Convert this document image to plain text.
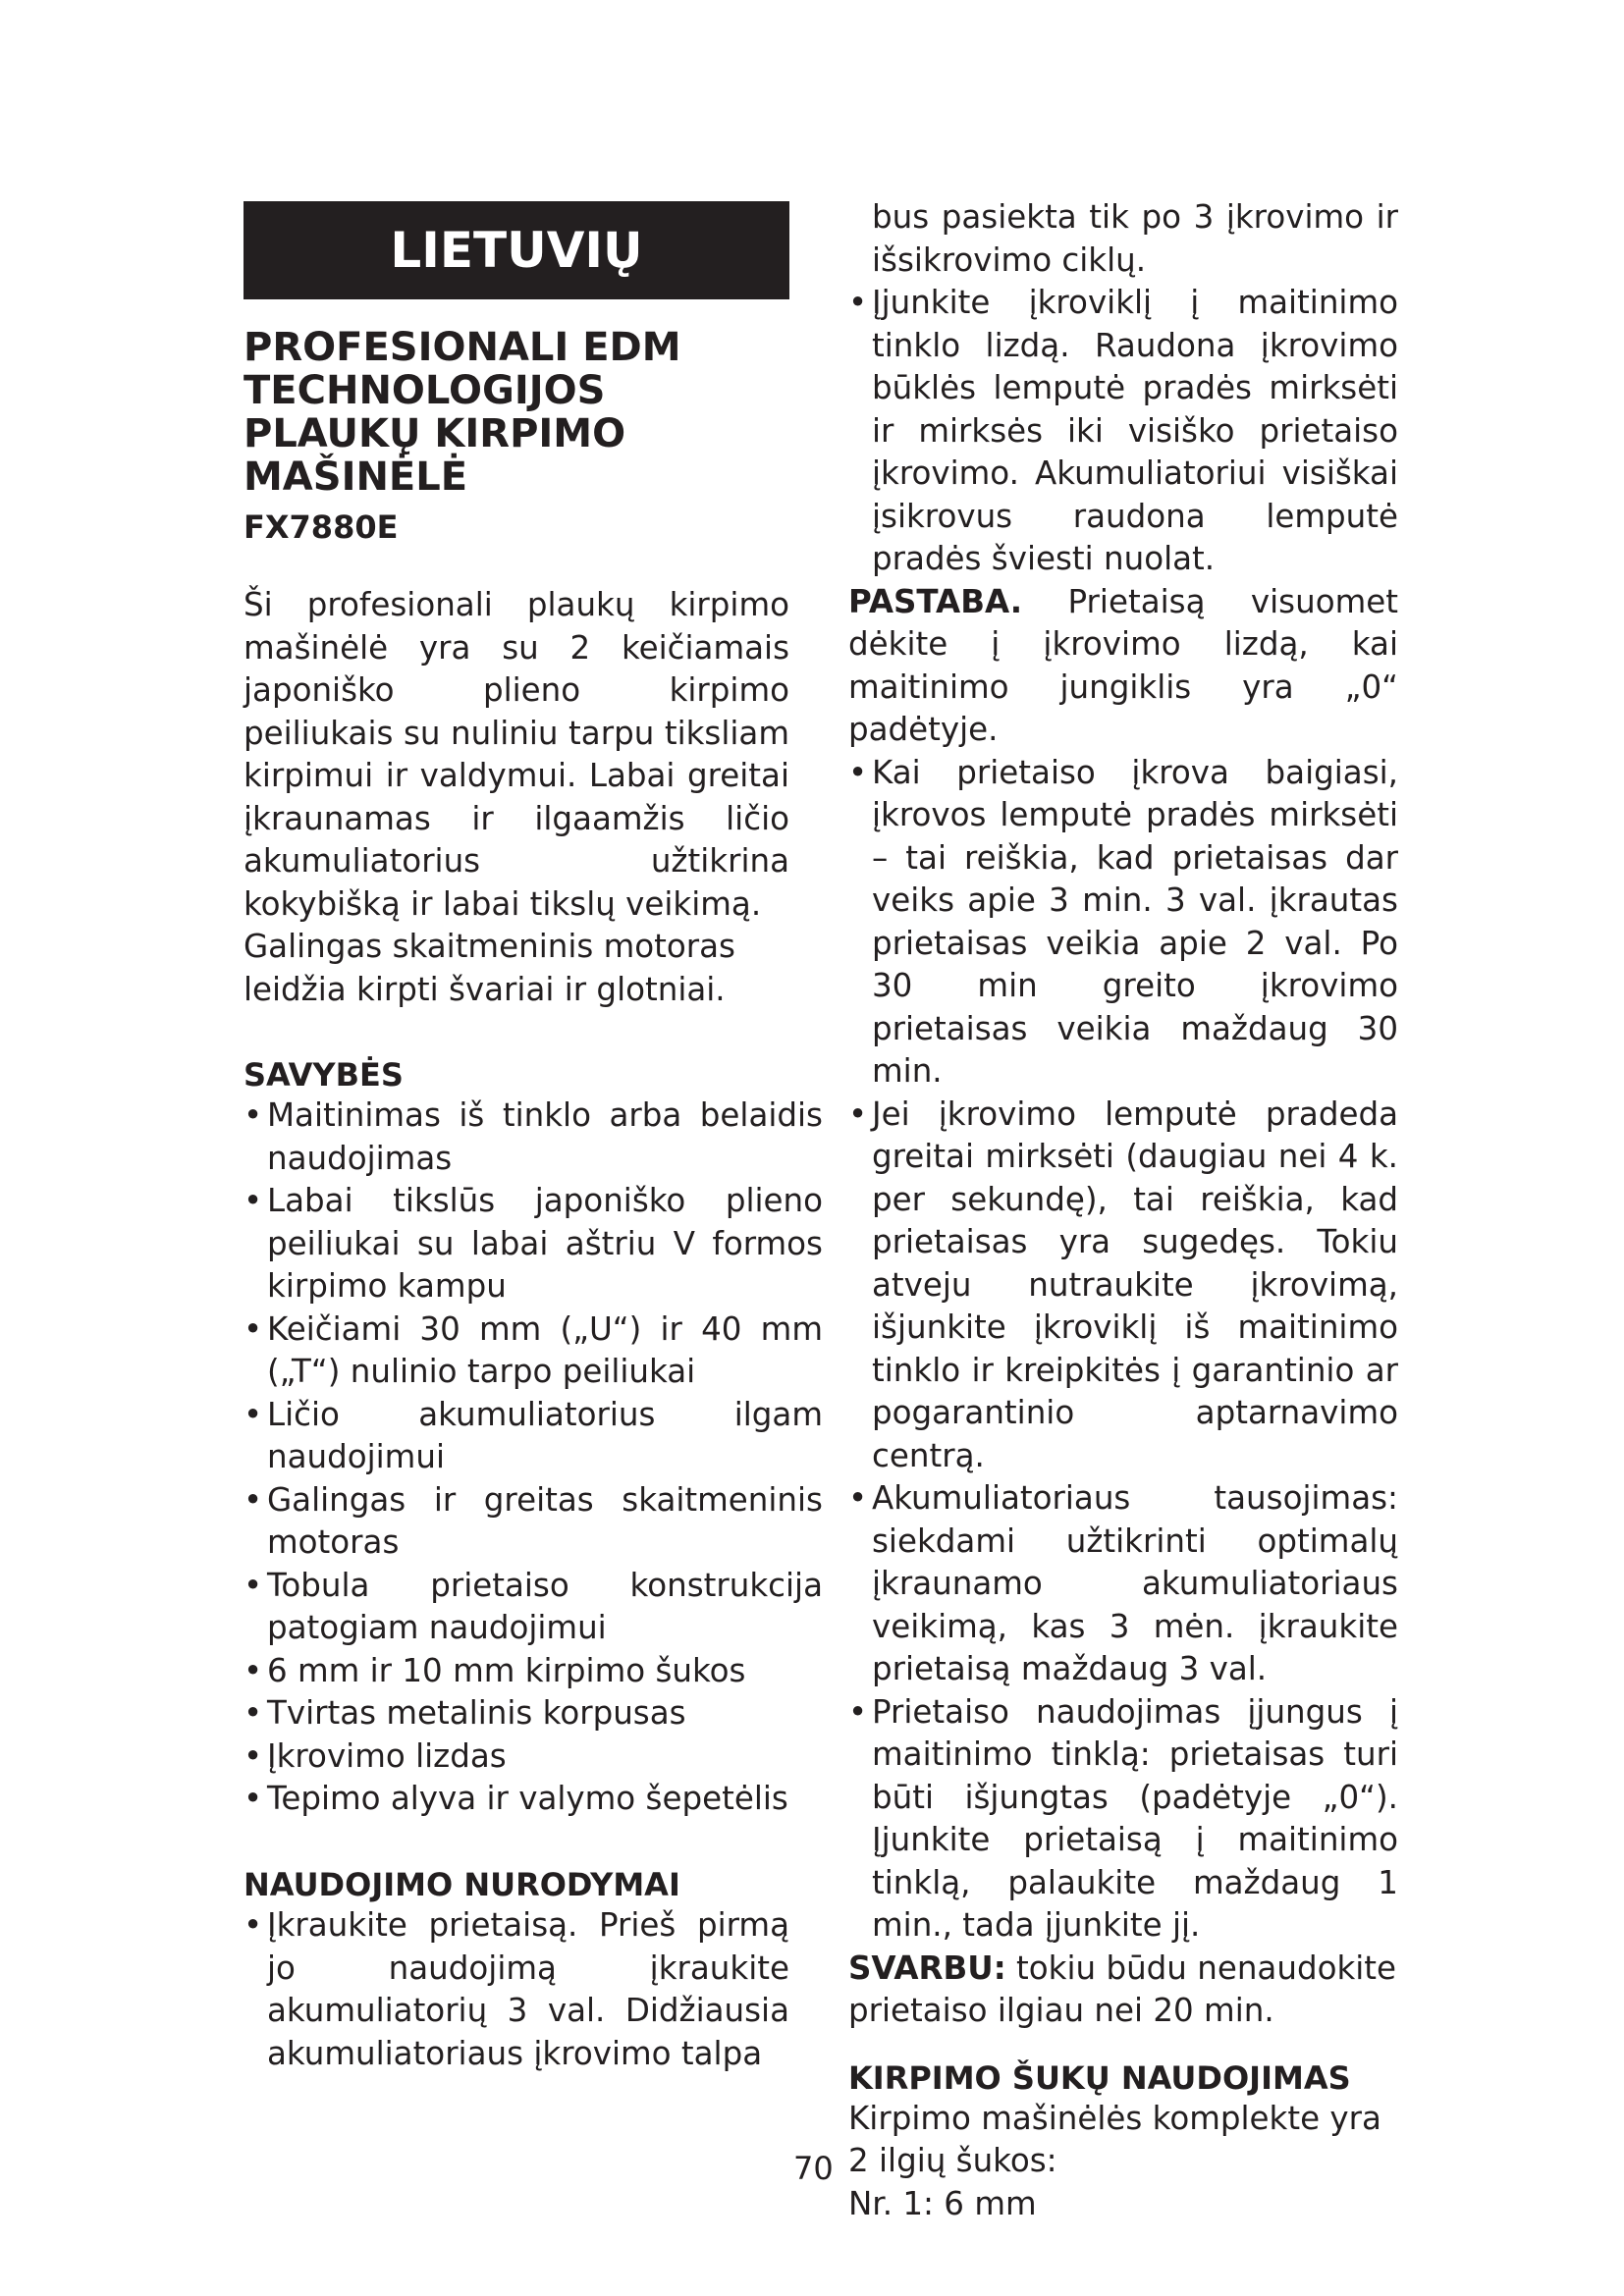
LIETUVIŲ
PROFESIONALI EDM
TECHNOLOGIJOS
PLAUKŲ KIRPIMO
MAŠINĖLĖ
FX7880E

Ši profesionali plaukų kirpimo mašinėlė yra su 2 keičiamais japoniško plieno kirpimo peiliukais su nuliniu tarpu tiksliam kirpimui ir valdymui. Labai greitai įkraunamas ir ilgaamžis ličio akumuliatorius užtikrina kokybišką ir labai tikslų veikimą.

Galingas skaitmeninis motoras leidžia kirpti švariai ir glotniai.

SAVYBĖS
• Maitinimas iš tinklo arba belaidis naudojimas
• Labai tikslūs japoniško plieno peiliukai su labai aštriu V formos kirpimo kampu
• Keičiami 30 mm („U“) ir 40 mm („T“) nulinio tarpo peiliukai
• Ličio akumuliatorius ilgam naudojimui
• Galingas ir greitas skaitmeninis motoras
• Tobula prietaiso konstrukcija patogiam naudojimui
• 6 mm ir 10 mm kirpimo šukos
• Tvirtas metalinis korpusas
• Įkrovimo lizdas
• Tepimo alyva ir valymo šepetėlis
NAUDOJIMO NURODYMAI
• Įkraukite prietaisą. Prieš pirmą jo naudojimą įkraukite akumuliatorių 3 val. Didžiausia akumuliatoriaus įkrovimo talpa

bus pasiekta tik po 3 įkrovimo ir išsikrovimo ciklų.

• Įjunkite įkroviklį į maitinimo tinklo lizdą. Raudona įkrovimo būklės lemputė pradės mirksėti ir mirksės iki visiško prietaiso įkrovimo. Akumuliatoriui visiškai įsikrovus raudona lemputė pradės šviesti nuolat.

PASTABA. Prietaisą visuomet dėkite į įkrovimo lizdą, kai maitinimo jungiklis yra „0“ padėtyje.

• Kai prietaiso įkrova baigiasi, įkrovos lemputė pradės mirksėti – tai reiškia, kad prietaisas dar veiks apie 3 min. 3 val. įkrautas prietaisas veikia apie 2 val. Po 30 min greito įkrovimo prietaisas veikia maždaug 30 min.
• Jei įkrovimo lemputė pradeda greitai mirksėti (daugiau nei 4 k. per sekundę), tai reiškia, kad prietaisas yra sugedęs. Tokiu atveju nutraukite įkrovimą, išjunkite įkroviklį iš maitinimo tinklo ir kreipkitės į garantinio ar pogarantinio aptarnavimo centrą.
• Akumuliatoriaus tausojimas: siekdami užtikrinti optimalų įkraunamo akumuliatoriaus veikimą, kas 3 mėn. įkraukite prietaisą maždaug 3 val.
• Prietaiso naudojimas įjungus į maitinimo tinklą: prietaisas turi būti išjungtas (padėtyje „0“). Įjunkite prietaisą į maitinimo tinklą, palaukite maždaug 1 min., tada įjunkite jį.

SVARBU: tokiu būdu nenaudokite prietaiso ilgiau nei 20 min.

KIRPIMO ŠUKŲ NAUDOJIMAS

Kirpimo mašinėlės komplekte yra 2 ilgių šukos:

Nr. 1: 6 mm

70
